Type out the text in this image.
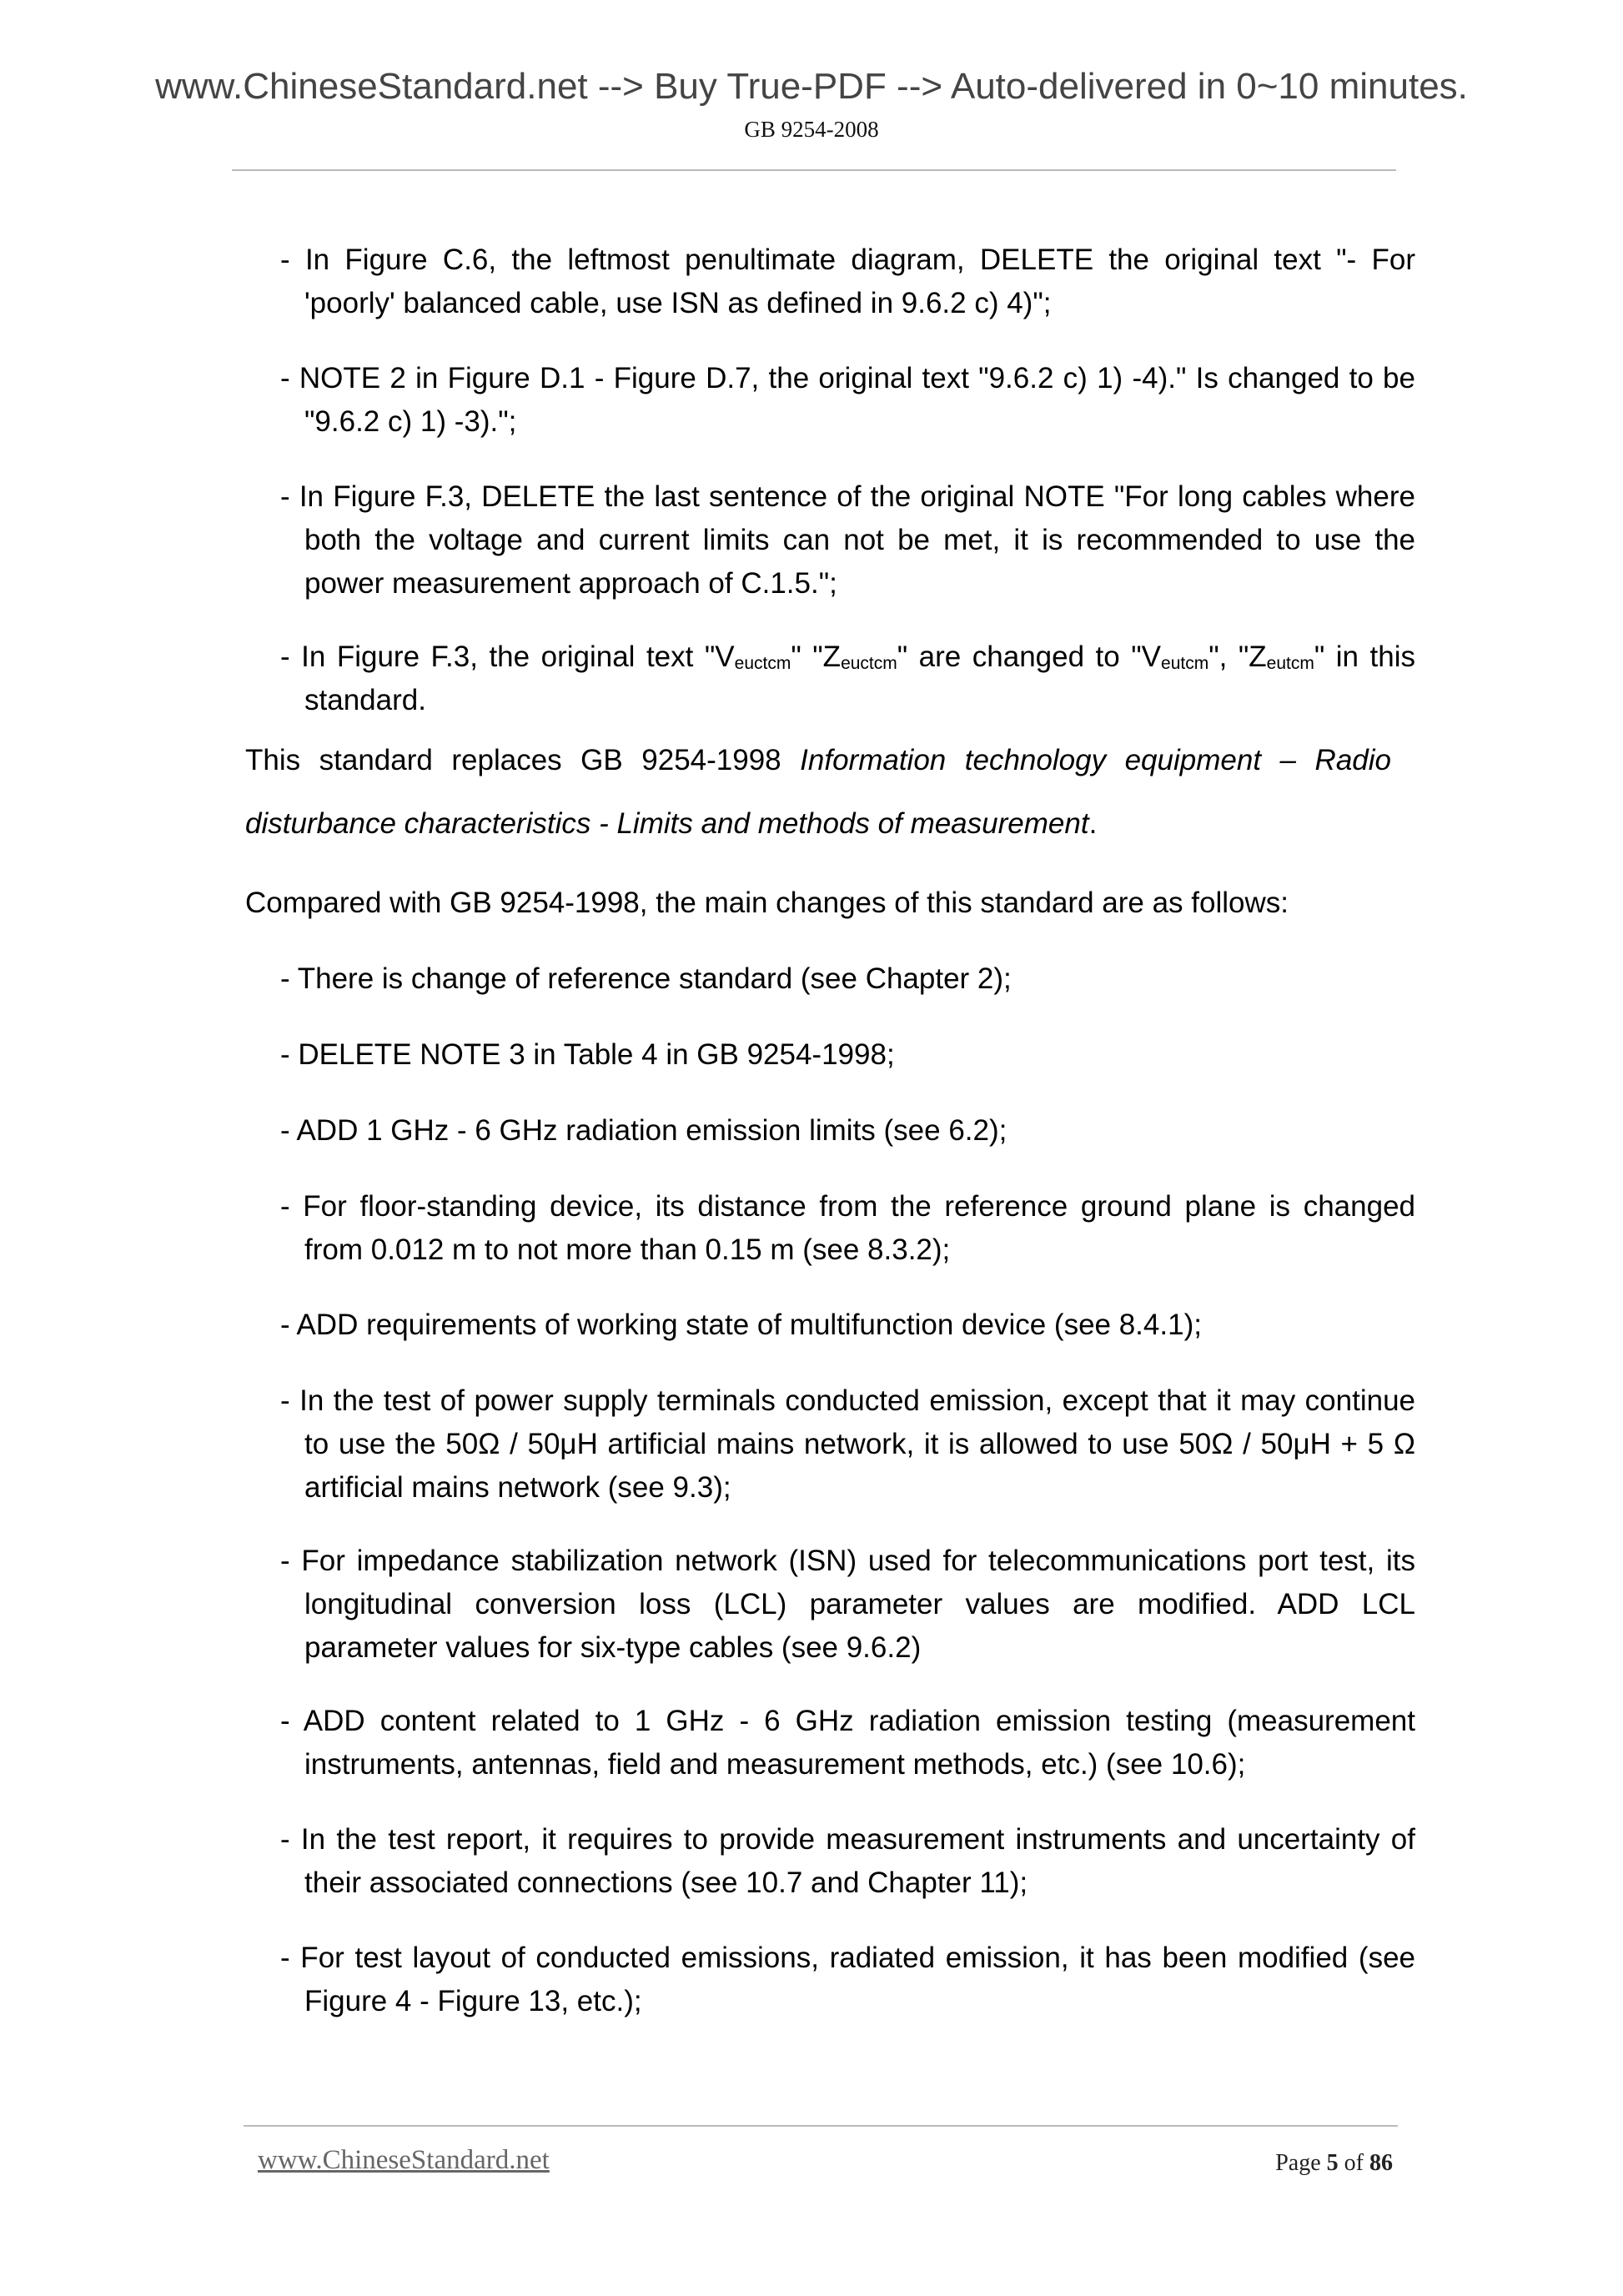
www.ChineseStandard.net --> Buy True-PDF --> Auto-delivered in 0~10 minutes.
GB 9254-2008

- In Figure C.6, the leftmost penultimate diagram, DELETE the original text "- For 'poorly' balanced cable, use ISN as defined in 9.6.2 c) 4)";

- NOTE 2 in Figure D.1 - Figure D.7, the original text "9.6.2 c) 1) -4)." Is changed to be "9.6.2 c) 1) -3).";

- In Figure F.3, DELETE the last sentence of the original NOTE "For long cables where both the voltage and current limits can not be met, it is recommended to use the power measurement approach of C.1.5.";

- In Figure F.3, the original text "$V_{euctcm}$" "$Z_{euctcm}$" are changed to "$V_{eutcm}$", "$Z_{eutcm}$" in this standard.

This standard replaces GB 9254-1998 Information technology equipment – Radio disturbance characteristics - Limits and methods of measurement.

Compared with GB 9254-1998, the main changes of this standard are as follows:

- There is change of reference standard (see Chapter 2);

- DELETE NOTE 3 in Table 4 in GB 9254-1998;

- ADD 1 GHz - 6 GHz radiation emission limits (see 6.2);

- For floor-standing device, its distance from the reference ground plane is changed from 0.012 m to not more than 0.15 m (see 8.3.2);

- ADD requirements of working state of multifunction device (see 8.4.1);

- In the test of power supply terminals conducted emission, except that it may continue to use the 50Ω / 50μH artificial mains network, it is allowed to use 50Ω / 50μH + 5 Ω artificial mains network (see 9.3);

- For impedance stabilization network (ISN) used for telecommunications port test, its longitudinal conversion loss (LCL) parameter values are modified. ADD LCL parameter values for six-type cables (see 9.6.2)

- ADD content related to 1 GHz - 6 GHz radiation emission testing (measurement instruments, antennas, field and measurement methods, etc.) (see 10.6);

- In the test report, it requires to provide measurement instruments and uncertainty of their associated connections (see 10.7 and Chapter 11);

- For test layout of conducted emissions, radiated emission, it has been modified (see Figure 4 - Figure 13, etc.);

www.ChineseStandard.net	Page 5 of 86
